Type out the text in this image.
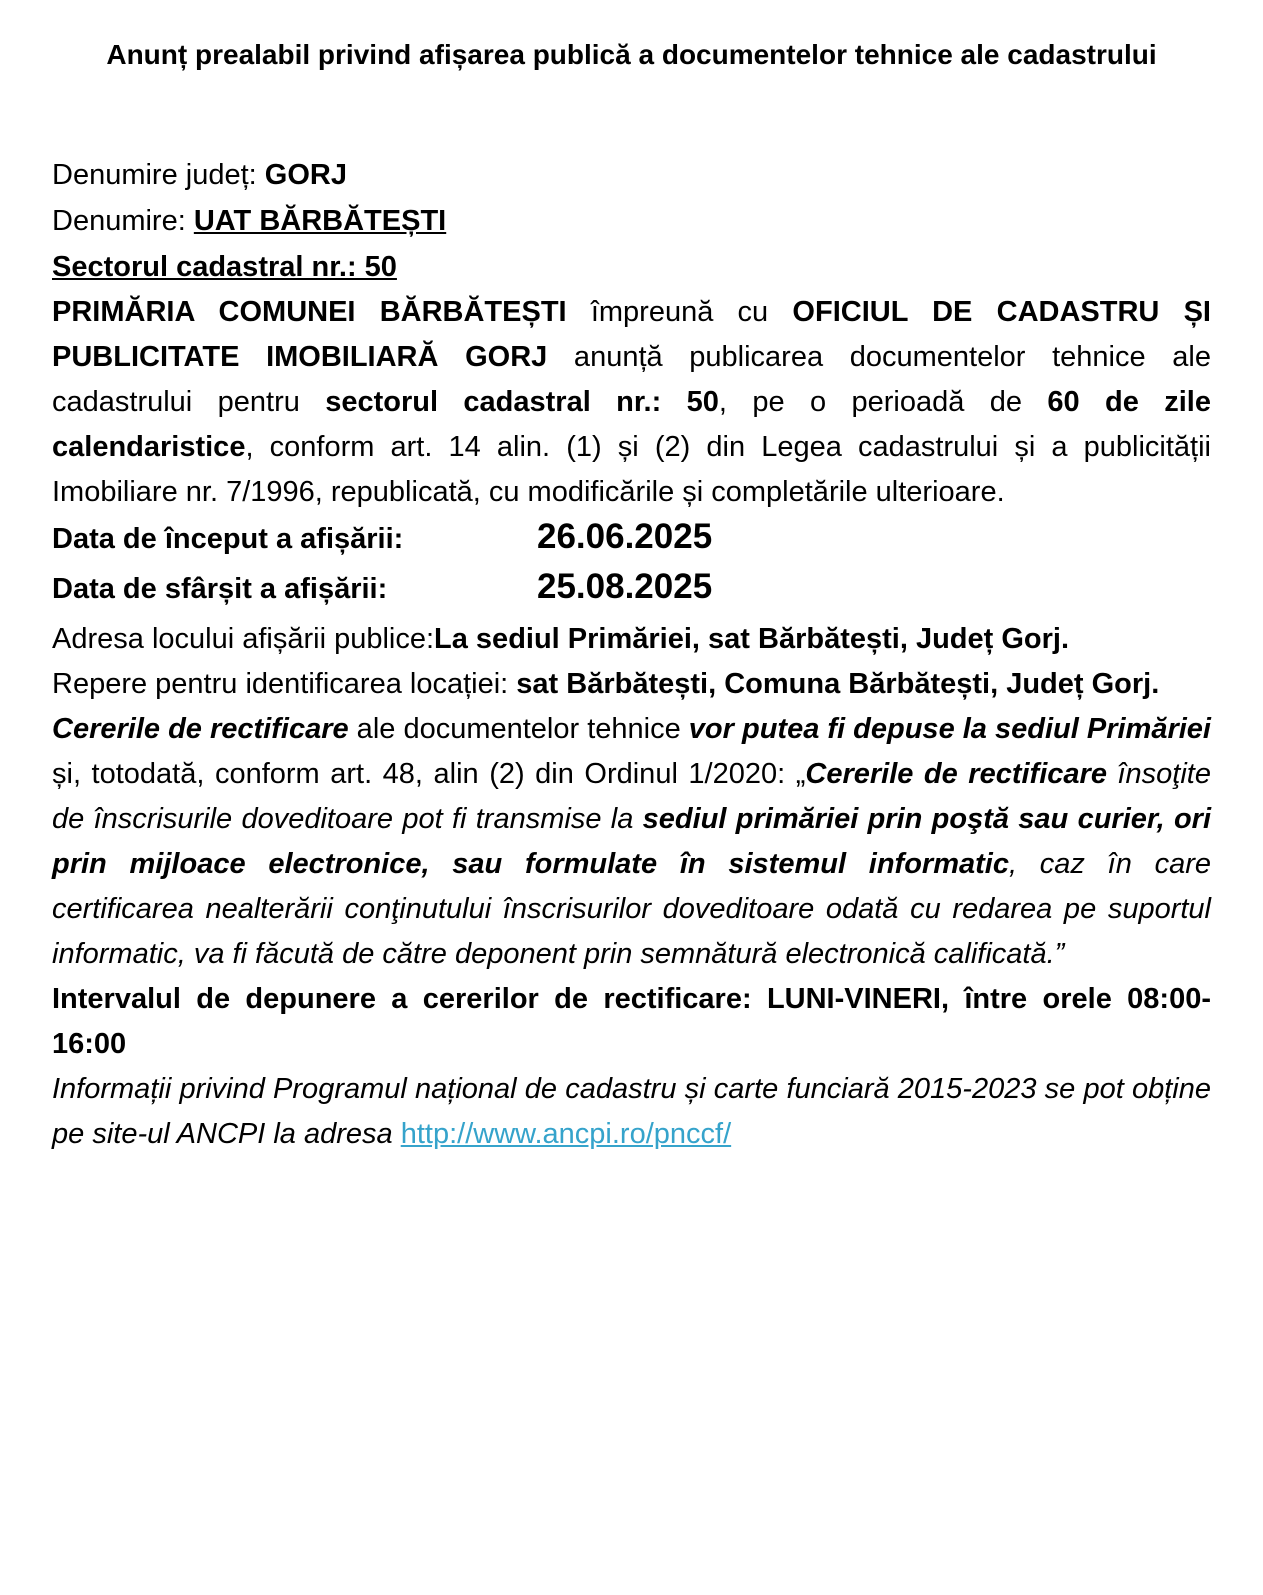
Anunț prealabil privind afișarea publică a documentelor tehnice ale cadastrului
Denumire județ: GORJ
Denumire: UAT BĂRBĂTEȘTI
Sectorul cadastral nr.: 50

PRIMĂRIA COMUNEI BĂRBĂTEȘTI împreună cu OFICIUL DE CADASTRU ȘI PUBLICITATE IMOBILIARĂ GORJ anunță publicarea documentelor tehnice ale cadastrului pentru sectorul cadastral nr.: 50, pe o perioadă de 60 de zile calendaristice, conform art. 14 alin. (1) și (2) din Legea cadastrului și a publicității Imobiliare nr. 7/1996, republicată, cu modificările și completările ulterioare.

Data de început a afișării:	26.06.2025
Data de sfârșit a afișării:	25.08.2025

Adresa locului afișării publice:La sediul Primăriei, sat Bărbătești, Județ Gorj.

Repere pentru identificarea locației: sat Bărbătești, Comuna Bărbătești, Județ Gorj.

Cererile de rectificare ale documentelor tehnice vor putea fi depuse la sediul Primăriei și, totodată, conform art. 48, alin (2) din Ordinul 1/2020: „Cererile de rectificare însoţite de înscrisurile doveditoare pot fi transmise la sediul primăriei prin poştă sau curier, ori prin mijloace electronice, sau formulate în sistemul informatic, caz în care certificarea nealterării conţinutului înscrisurilor doveditoare odată cu redarea pe suportul informatic, va fi făcută de către deponent prin semnătură electronică calificată.”

Intervalul de depunere a cererilor de rectificare: LUNI-VINERI, între orele 08:00-16:00

Informații privind Programul național de cadastru și carte funciară 2015-2023 se pot obține pe site-ul ANCPI la adresa http://www.ancpi.ro/pnccf/
